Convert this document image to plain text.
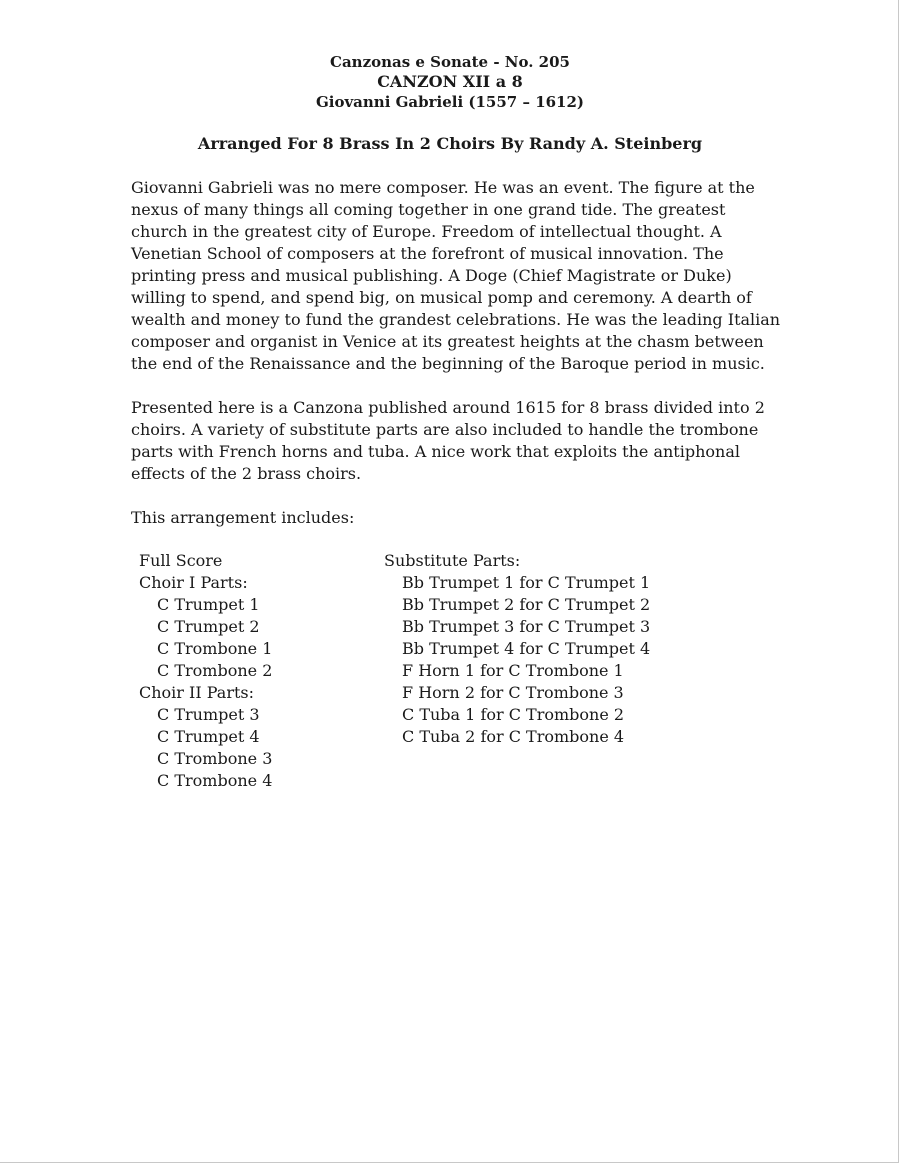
Canzonas e Sonate - No. 205
CANZON XII a 8
Giovanni Gabrieli (1557 – 1612)
Arranged For 8 Brass In 2 Choirs By Randy A. Steinberg

Giovanni Gabrieli was no mere composer. He was an event. The figure at the nexus of many things all coming together in one grand tide. The greatest church in the greatest city of Europe. Freedom of intellectual thought. A Venetian School of composers at the forefront of musical innovation. The printing press and musical publishing. A Doge (Chief Magistrate or Duke) willing to spend, and spend big, on musical pomp and ceremony. A dearth of wealth and money to fund the grandest celebrations. He was the leading Italian composer and organist in Venice at its greatest heights at the chasm between the end of the Renaissance and the beginning of the Baroque period in music.

Presented here is a Canzona published around 1615 for 8 brass divided into 2 choirs. A variety of substitute parts are also included to handle the trombone parts with French horns and tuba. A nice work that exploits the antiphonal effects of the 2 brass choirs.

This arrangement includes:

Full Score
Choir I Parts:
C Trumpet 1
C Trumpet 2
C Trombone 1
C Trombone 2
Choir II Parts:
C Trumpet 3
C Trumpet 4
C Trombone 3
C Trombone 4
Substitute Parts:
Bb Trumpet 1 for C Trumpet 1
Bb Trumpet 2 for C Trumpet 2
Bb Trumpet 3 for C Trumpet 3
Bb Trumpet 4 for C Trumpet 4
F Horn 1 for C Trombone 1
F Horn 2 for C Trombone 3
C Tuba 1 for C Trombone 2
C Tuba 2 for C Trombone 4
